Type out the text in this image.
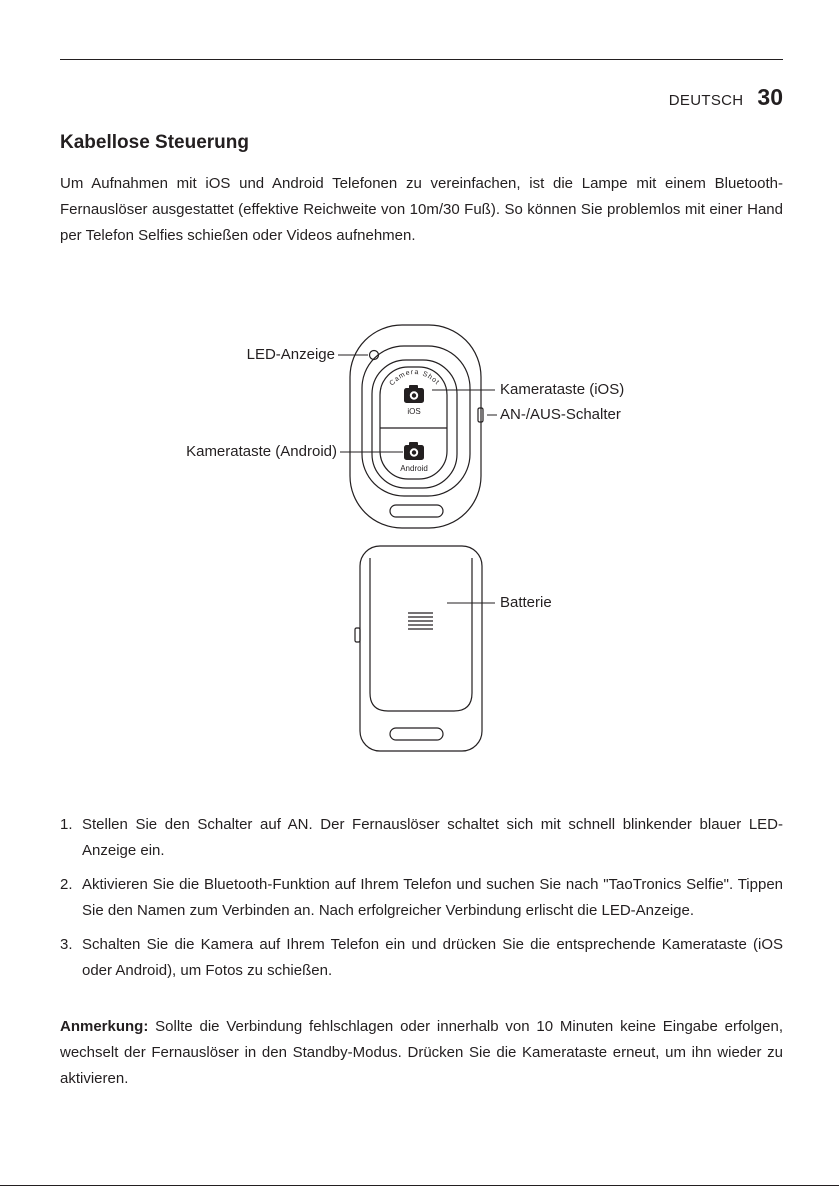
DEUTSCH 30
Kabellose Steuerung

Um Aufnahmen mit iOS und Android Telefonen zu vereinfachen, ist die Lampe mit einem Bluetooth-Fernauslöser ausgestattet (effektive Reichweite von 10m/30 Fuß). So können Sie problemlos mit einer Hand per Telefon Selfies schießen oder Videos aufnehmen.

iOS
Android
Camera Shot
LED-Anzeige
Kamerataste (iOS)
AN-/AUS-Schalter
Kamerataste (Android)
Batterie
1. Stellen Sie den Schalter auf AN. Der Fernauslöser schaltet sich mit schnell blinkender blauer LED-Anzeige ein.
2. Aktivieren Sie die Bluetooth-Funktion auf Ihrem Telefon und suchen Sie nach "TaoTronics Selfie". Tippen Sie den Namen zum Verbinden an. Nach erfolgreicher Verbindung erlischt die LED-Anzeige.
3. Schalten Sie die Kamera auf Ihrem Telefon ein und drücken Sie die entsprechende Kamerataste (iOS oder Android), um Fotos zu schießen.

Anmerkung: Sollte die Verbindung fehlschlagen oder innerhalb von 10 Minuten keine Eingabe erfolgen, wechselt der Fernauslöser in den Standby-Modus. Drücken Sie die Kamerataste erneut, um ihn wieder zu aktivieren.
